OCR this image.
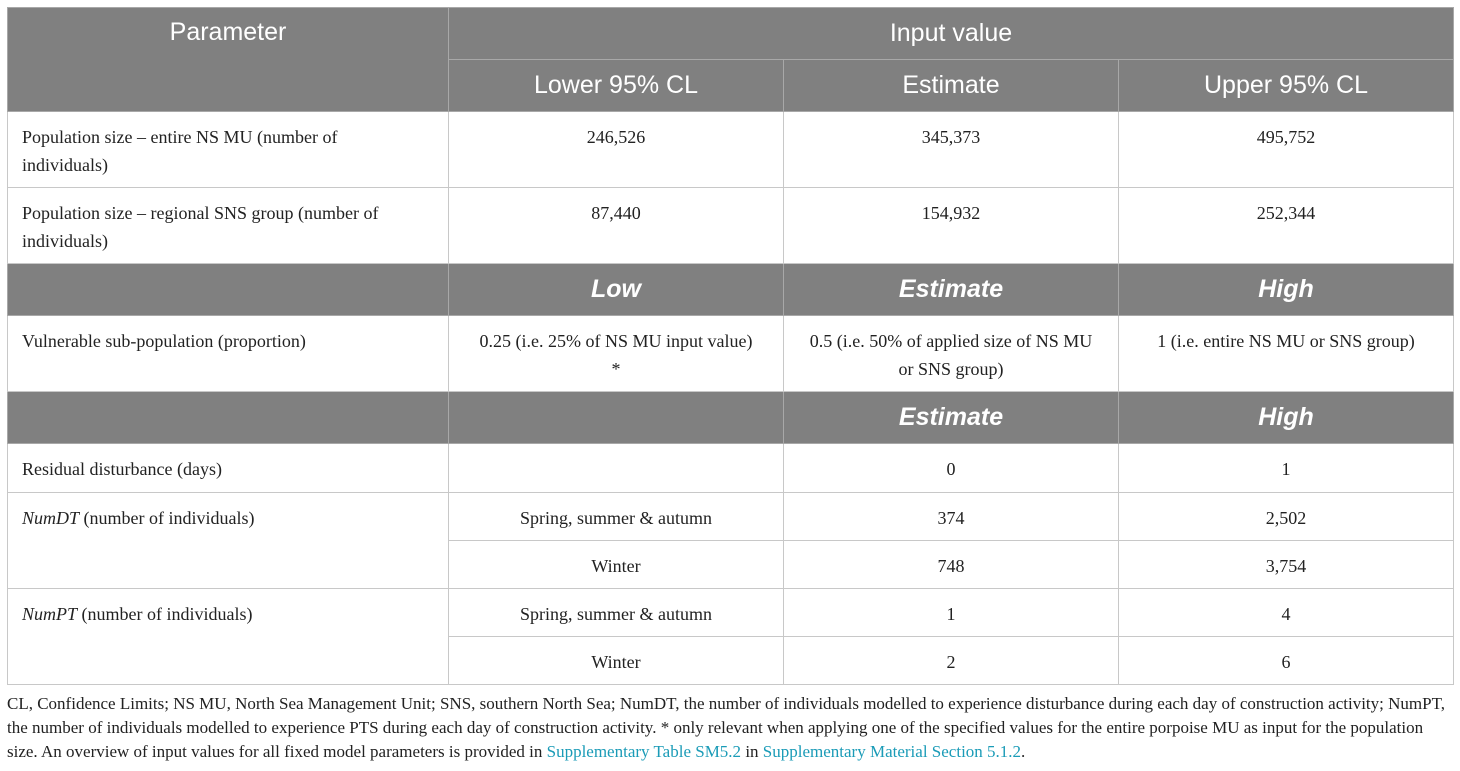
Parameter	Input value		
	Lower 95% CL	Estimate	Upper 95% CL
Population size – entire NS MU (number of individuals)	246,526	345,373	495,752
Population size – regional SNS group (number of individuals)	87,440	154,932	252,344
	Low	Estimate	High
Vulnerable sub-population (proportion)	0.25 (i.e. 25% of NS MU input value) *	0.5 (i.e. 50% of applied size of NS MU or SNS group)	1 (i.e. entire NS MU or SNS group)
		Estimate	High
Residual disturbance (days)		0	1
NumDT (number of individuals)	Spring, summer & autumn	374	2,502
	Winter	748	3,754
NumPT (number of individuals)	Spring, summer & autumn	1	4
	Winter	2	6
CL, Confidence Limits; NS MU, North Sea Management Unit; SNS, southern North Sea; NumDT, the number of individuals modelled to experience disturbance during each day of construction activity; NumPT, the number of individuals modelled to experience PTS during each day of construction activity. * only relevant when applying one of the specified values for the entire porpoise MU as input for the population size. An overview of input values for all fixed model parameters is provided in Supplementary Table SM5.2 in Supplementary Material Section 5.1.2.
